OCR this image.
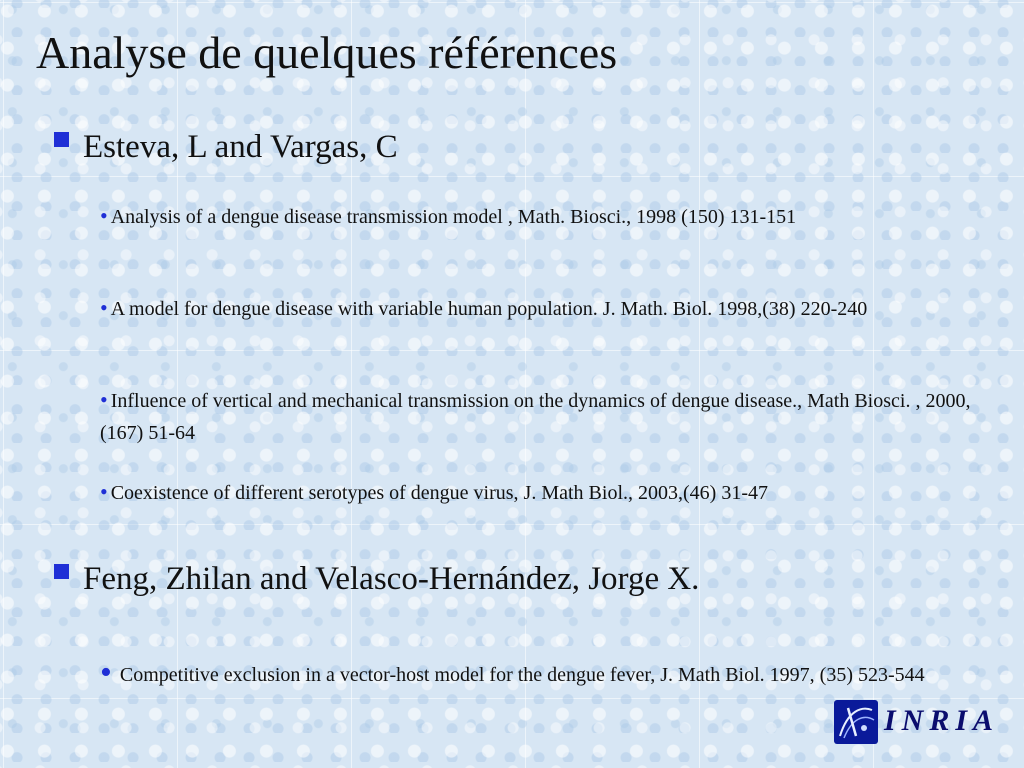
Analyse de quelques références
Esteva, L and Vargas, C
• Analysis of a dengue disease transmission model , Math. Biosci., 1998 (150) 131-151
• A model for dengue disease with variable human population. J. Math. Biol. 1998,(38) 220-240
• Influence of vertical and mechanical transmission on the dynamics of dengue disease., Math Biosci. , 2000, (167) 51-64
• Coexistence of different serotypes of dengue virus, J. Math Biol., 2003,(46) 31-47
Feng, Zhilan and Velasco-Hernández, Jorge X.
• Competitive exclusion in a vector-host model for the dengue fever, J. Math Biol. 1997, (35) 523-544
INRIA
